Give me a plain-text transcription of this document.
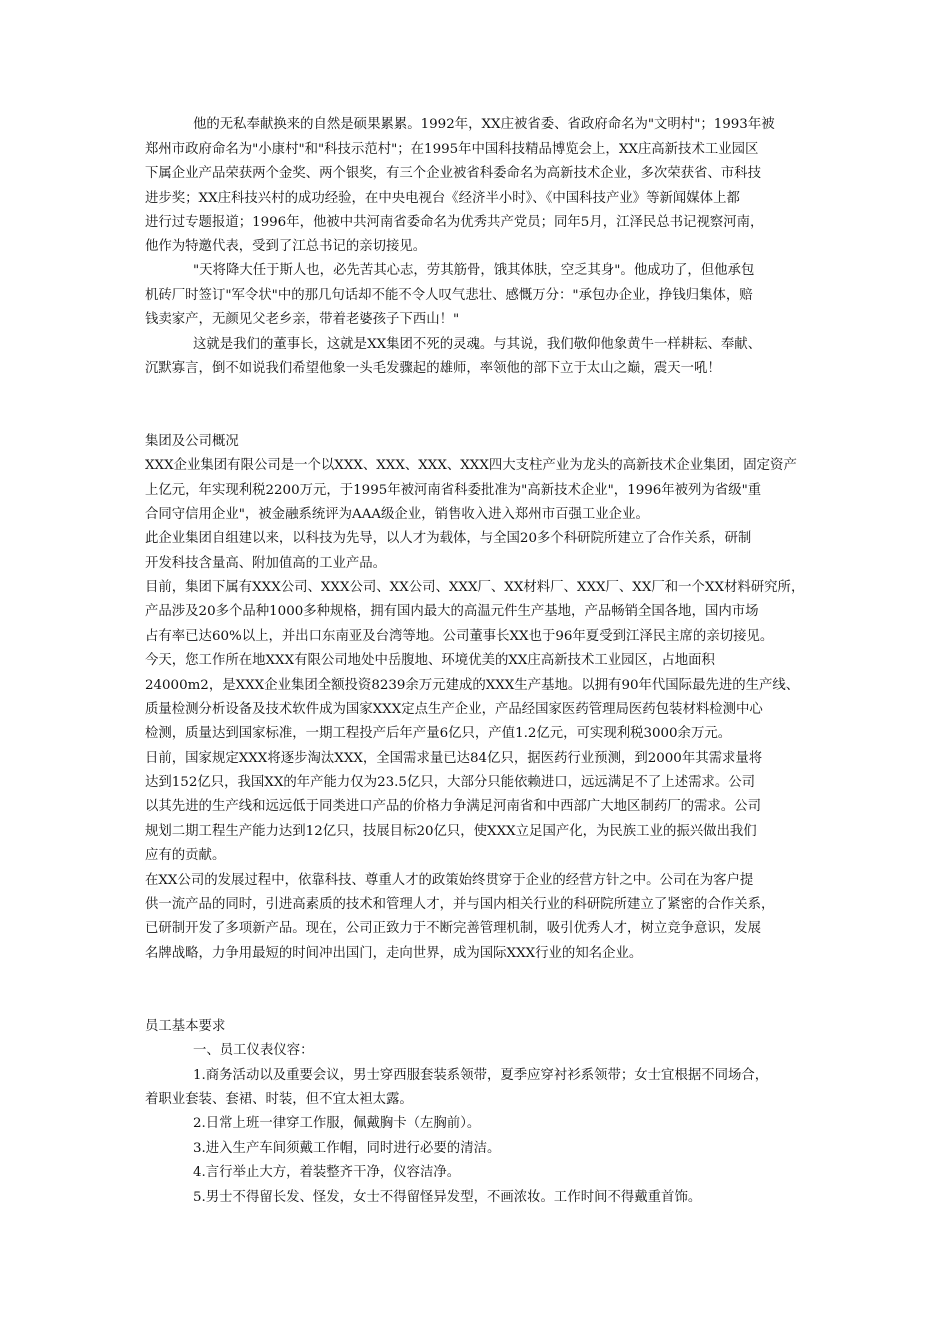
他的无私奉献换来的自然是硕果累累。1992年，XX庄被省委、省政府命名为"文明村"；1993年被
郑州市政府命名为"小康村"和"科技示范村"；在1995年中国科技精品博览会上，XX庄高新技术工业园区
下属企业产品荣获两个金奖、两个银奖，有三个企业被省科委命名为高新技术企业，多次荣获省、市科技
进步奖；XX庄科技兴村的成功经验，在中央电视台《经济半小时》、《中国科技产业》等新闻媒体上都
进行过专题报道；1996年，他被中共河南省委命名为优秀共产党员；同年5月，江泽民总书记视察河南，
他作为特邀代表，受到了江总书记的亲切接见。
"天将降大任于斯人也，必先苦其心志，劳其筋骨，饿其体肤，空乏其身"。他成功了，但他承包
机砖厂时签订"军令状"中的那几句话却不能不令人叹气悲壮、感慨万分："承包办企业，挣钱归集体，赔
钱卖家产，无颜见父老乡亲，带着老婆孩子下西山！"
这就是我们的董事长，这就是XX集团不死的灵魂。与其说，我们敬仰他象黄牛一样耕耘、奉献、
沉默寡言，倒不如说我们希望他象一头毛发骤起的雄师，率领他的部下立于太山之巅，震天一吼！
集团及公司概况
XXX企业集团有限公司是一个以XXX、XXX、XXX、XXX四大支柱产业为龙头的高新技术企业集团，固定资产
上亿元，年实现利税2200万元，于1995年被河南省科委批准为"高新技术企业"，1996年被列为省级"重
合同守信用企业"，被金融系统评为AAA级企业，销售收入进入郑州市百强工业企业。
此企业集团自组建以来，以科技为先导，以人才为载体，与全国20多个科研院所建立了合作关系，研制
开发科技含量高、附加值高的工业产品。
目前，集团下属有XXX公司、XXX公司、XX公司、XXX厂、XX材料厂、XXX厂、XX厂和一个XX材料研究所，
产品涉及20多个品种1000多种规格，拥有国内最大的高温元件生产基地，产品畅销全国各地，国内市场
占有率已达60%以上，并出口东南亚及台湾等地。公司董事长XX也于96年夏受到江泽民主席的亲切接见。
今天，您工作所在地XXX有限公司地处中岳腹地、环境优美的XX庄高新技术工业园区，占地面积
24000m2，是XXX企业集团全额投资8239余万元建成的XXX生产基地。以拥有90年代国际最先进的生产线、
质量检测分析设备及技术软件成为国家XXX定点生产企业，产品经国家医药管理局医药包装材料检测中心
检测，质量达到国家标准，一期工程投产后年产量6亿只，产值1.2亿元，可实现利税3000余万元。
日前，国家规定XXX将逐步淘汰XXX，全国需求量已达84亿只，据医药行业预测，到2000年其需求量将
达到152亿只，我国XX的年产能力仅为23.5亿只，大部分只能依赖进口，远远满足不了上述需求。公司
以其先进的生产线和远远低于同类进口产品的价格力争满足河南省和中西部广大地区制药厂的需求。公司
规划二期工程生产能力达到12亿只，技展目标20亿只，使XXX立足国产化，为民族工业的振兴做出我们
应有的贡献。
在XX公司的发展过程中，依靠科技、尊重人才的政策始终贯穿于企业的经营方针之中。公司在为客户提
供一流产品的同时，引进高素质的技术和管理人才，并与国内相关行业的科研院所建立了紧密的合作关系，
已研制开发了多项新产品。现在，公司正致力于不断完善管理机制，吸引优秀人才，树立竞争意识，发展
名牌战略，力争用最短的时间冲出国门，走向世界，成为国际XXX行业的知名企业。
员工基本要求
一、员工仪表仪容：
1.商务活动以及重要会议，男士穿西服套装系领带，夏季应穿衬衫系领带；女士宜根据不同场合，
着职业套装、套裙、时装，但不宜太袒太露。
2.日常上班一律穿工作服，佩戴胸卡（左胸前）。
3.进入生产车间须戴工作帽，同时进行必要的清洁。
4.言行举止大方，着装整齐干净，仪容洁净。
5.男士不得留长发、怪发，女士不得留怪异发型，不画浓妆。工作时间不得戴重首饰。
